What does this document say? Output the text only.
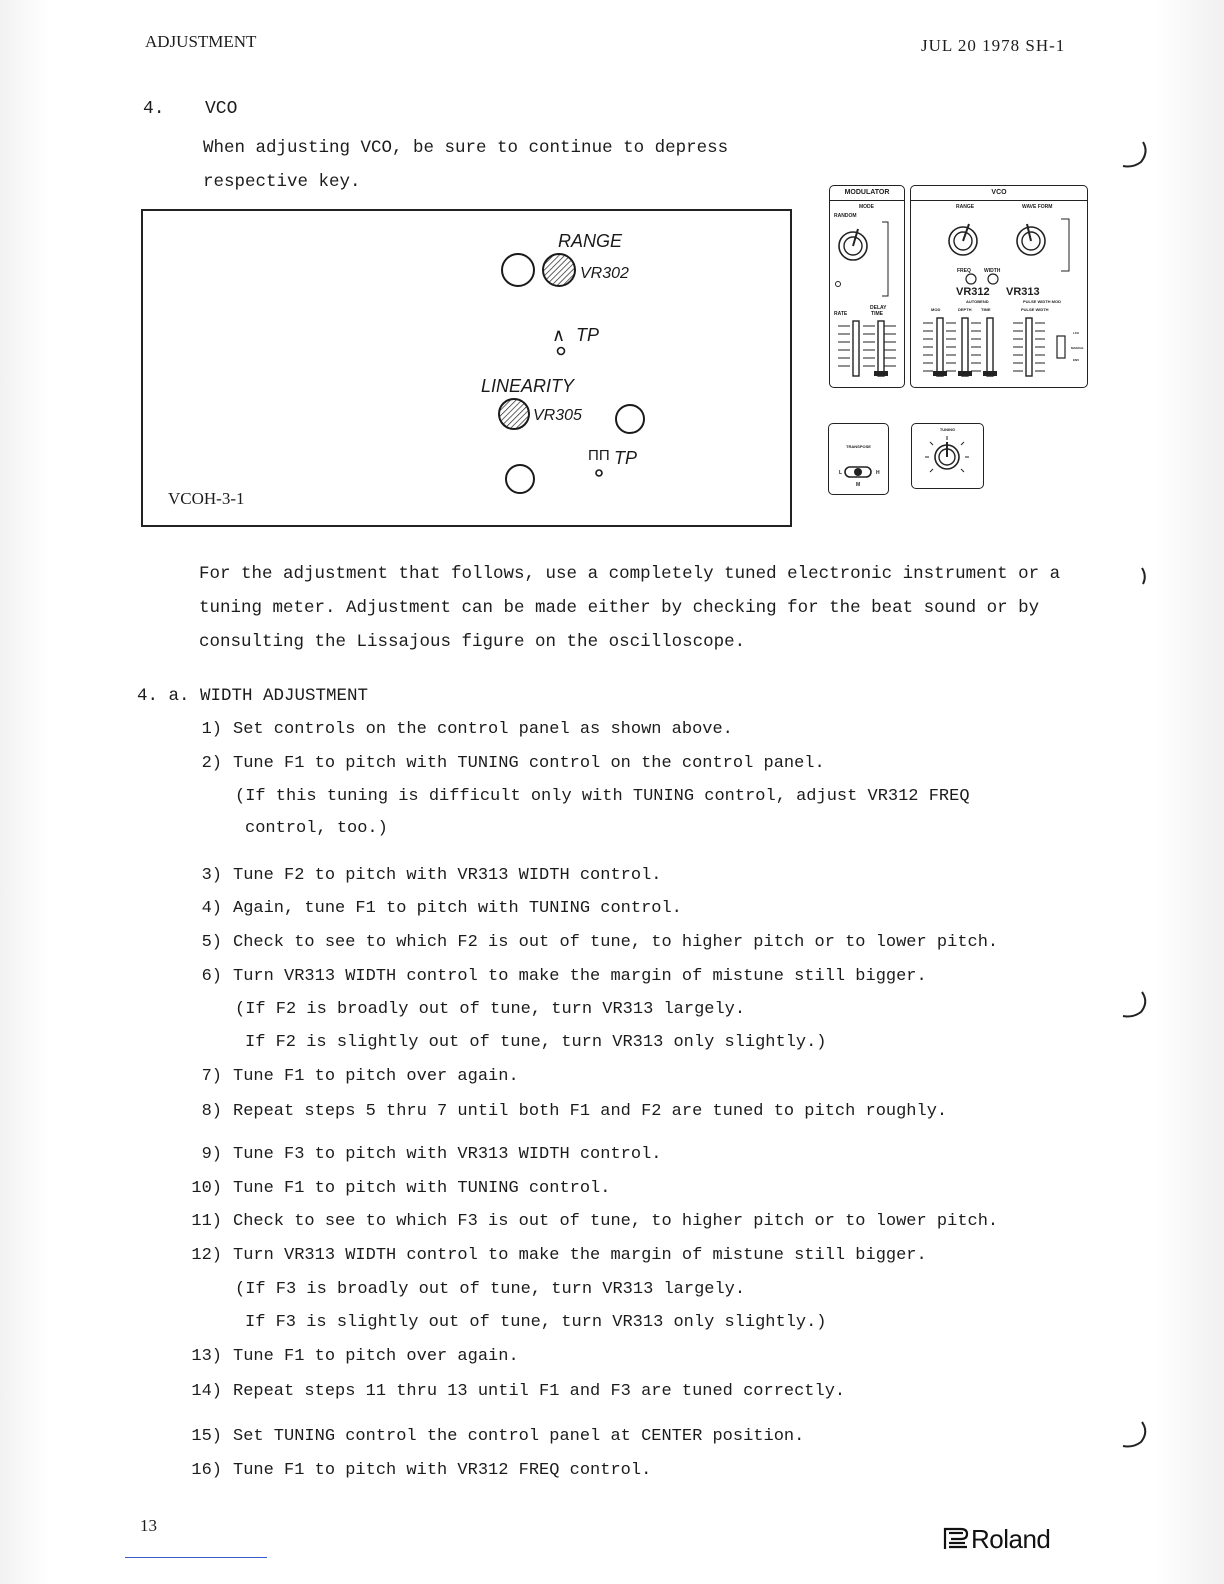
ADJUSTMENT	JUL 20 1978 SH-1
4. VCO
When adjusting VCO, be sure to continue to depress
respective key.
RANGE
VR302
∧ TP
LINEARITY
VR305
ΠΠ TP
VCOH-3-1
MODULATOR
MODE
RANDOM
RATE
DELAY TIME
VCO
RANGE	WAVE FORM
FREQ	WIDTH
VR312 VR313
AUTOBEND	PULSE WIDTH MOD
MOD	DEPTH TIME	PULSE WIDTH
MANUAL
LFO
ENV
TRANSPOSE
L	H
M
TUNING
For the adjustment that follows, use a completely tuned electronic instrument or a
tuning meter. Adjustment can be made either by checking for the beat sound or by
consulting the Lissajous figure on the oscilloscope.
4. a. WIDTH ADJUSTMENT
1) Set controls on the control panel as shown above.
2) Tune F1 to pitch with TUNING control on the control panel.
(If this tuning is difficult only with TUNING control, adjust VR312 FREQ
control, too.)
3) Tune F2 to pitch with VR313 WIDTH control.
4) Again, tune F1 to pitch with TUNING control.
5) Check to see to which F2 is out of tune, to higher pitch or to lower pitch.
6) Turn VR313 WIDTH control to make the margin of mistune still bigger.
(If F2 is broadly out of tune, turn VR313 largely.
If F2 is slightly out of tune, turn VR313 only slightly.)
7) Tune F1 to pitch over again.
8) Repeat steps 5 thru 7 until both F1 and F2 are tuned to pitch roughly.
9) Tune F3 to pitch with VR313 WIDTH control.
10) Tune F1 to pitch with TUNING control.
11) Check to see to which F3 is out of tune, to higher pitch or to lower pitch.
12) Turn VR313 WIDTH control to make the margin of mistune still bigger.
(If F3 is broadly out of tune, turn VR313 largely.
If F3 is slightly out of tune, turn VR313 only slightly.)
13) Tune F1 to pitch over again.
14) Repeat steps 11 thru 13 until F1 and F3 are tuned correctly.
15) Set TUNING control the control panel at CENTER position.
16) Tune F1 to pitch with VR312 FREQ control.
13	Roland
